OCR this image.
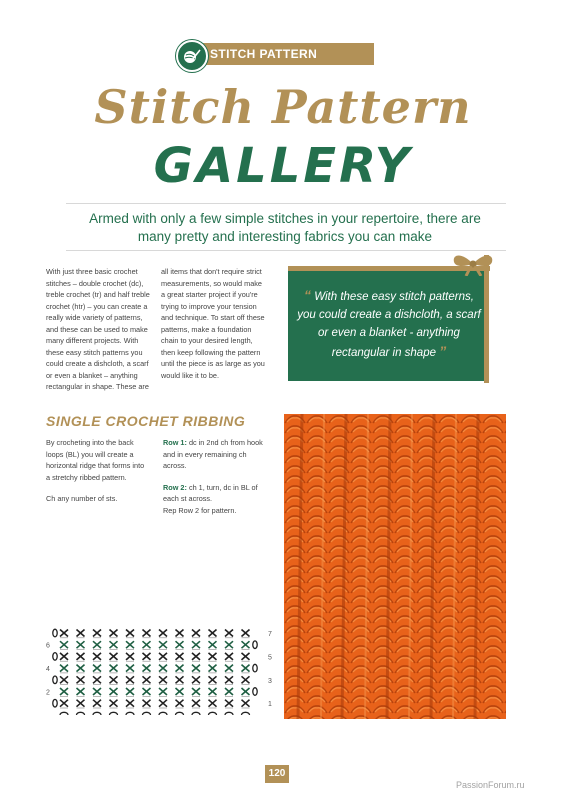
STITCH PATTERN GALLERY
Stitch Pattern
GALLERY
Armed with only a few simple stitches in your repertoire, there are many pretty and interesting fabrics you can make
With just three basic crochet stitches – double crochet (dc), treble crochet (tr) and half treble crochet (htr) – you can create a really wide variety of patterns, and these can be used to make many different projects. With these easy stitch patterns you could create a dishcloth, a scarf or even a blanket – anything rectangular in shape. These are
all items that don't require strict measurements, so would make a great starter project if you're trying to improve your tension and technique. To start off these patterns, make a foundation chain to your desired length, then keep following the pattern until the piece is as large as you would like it to be.
“ With these easy stitch patterns, you could create a dishcloth, a scarf or even a blanket - anything rectangular in shape ”
SINGLE CROCHET RIBBING
By crocheting into the back loops (BL) you will create a horizontal ridge that forms into a stretchy ribbed pattern.
Ch any number of sts.
Row 1: dc in 2nd ch from hook and in every remaining ch across.
Row 2: ch 1, turn, dc in BL of each st across.
Rep Row 2 for pattern.
7
5
3
1
6
4
2
120
PassionForum.ru
